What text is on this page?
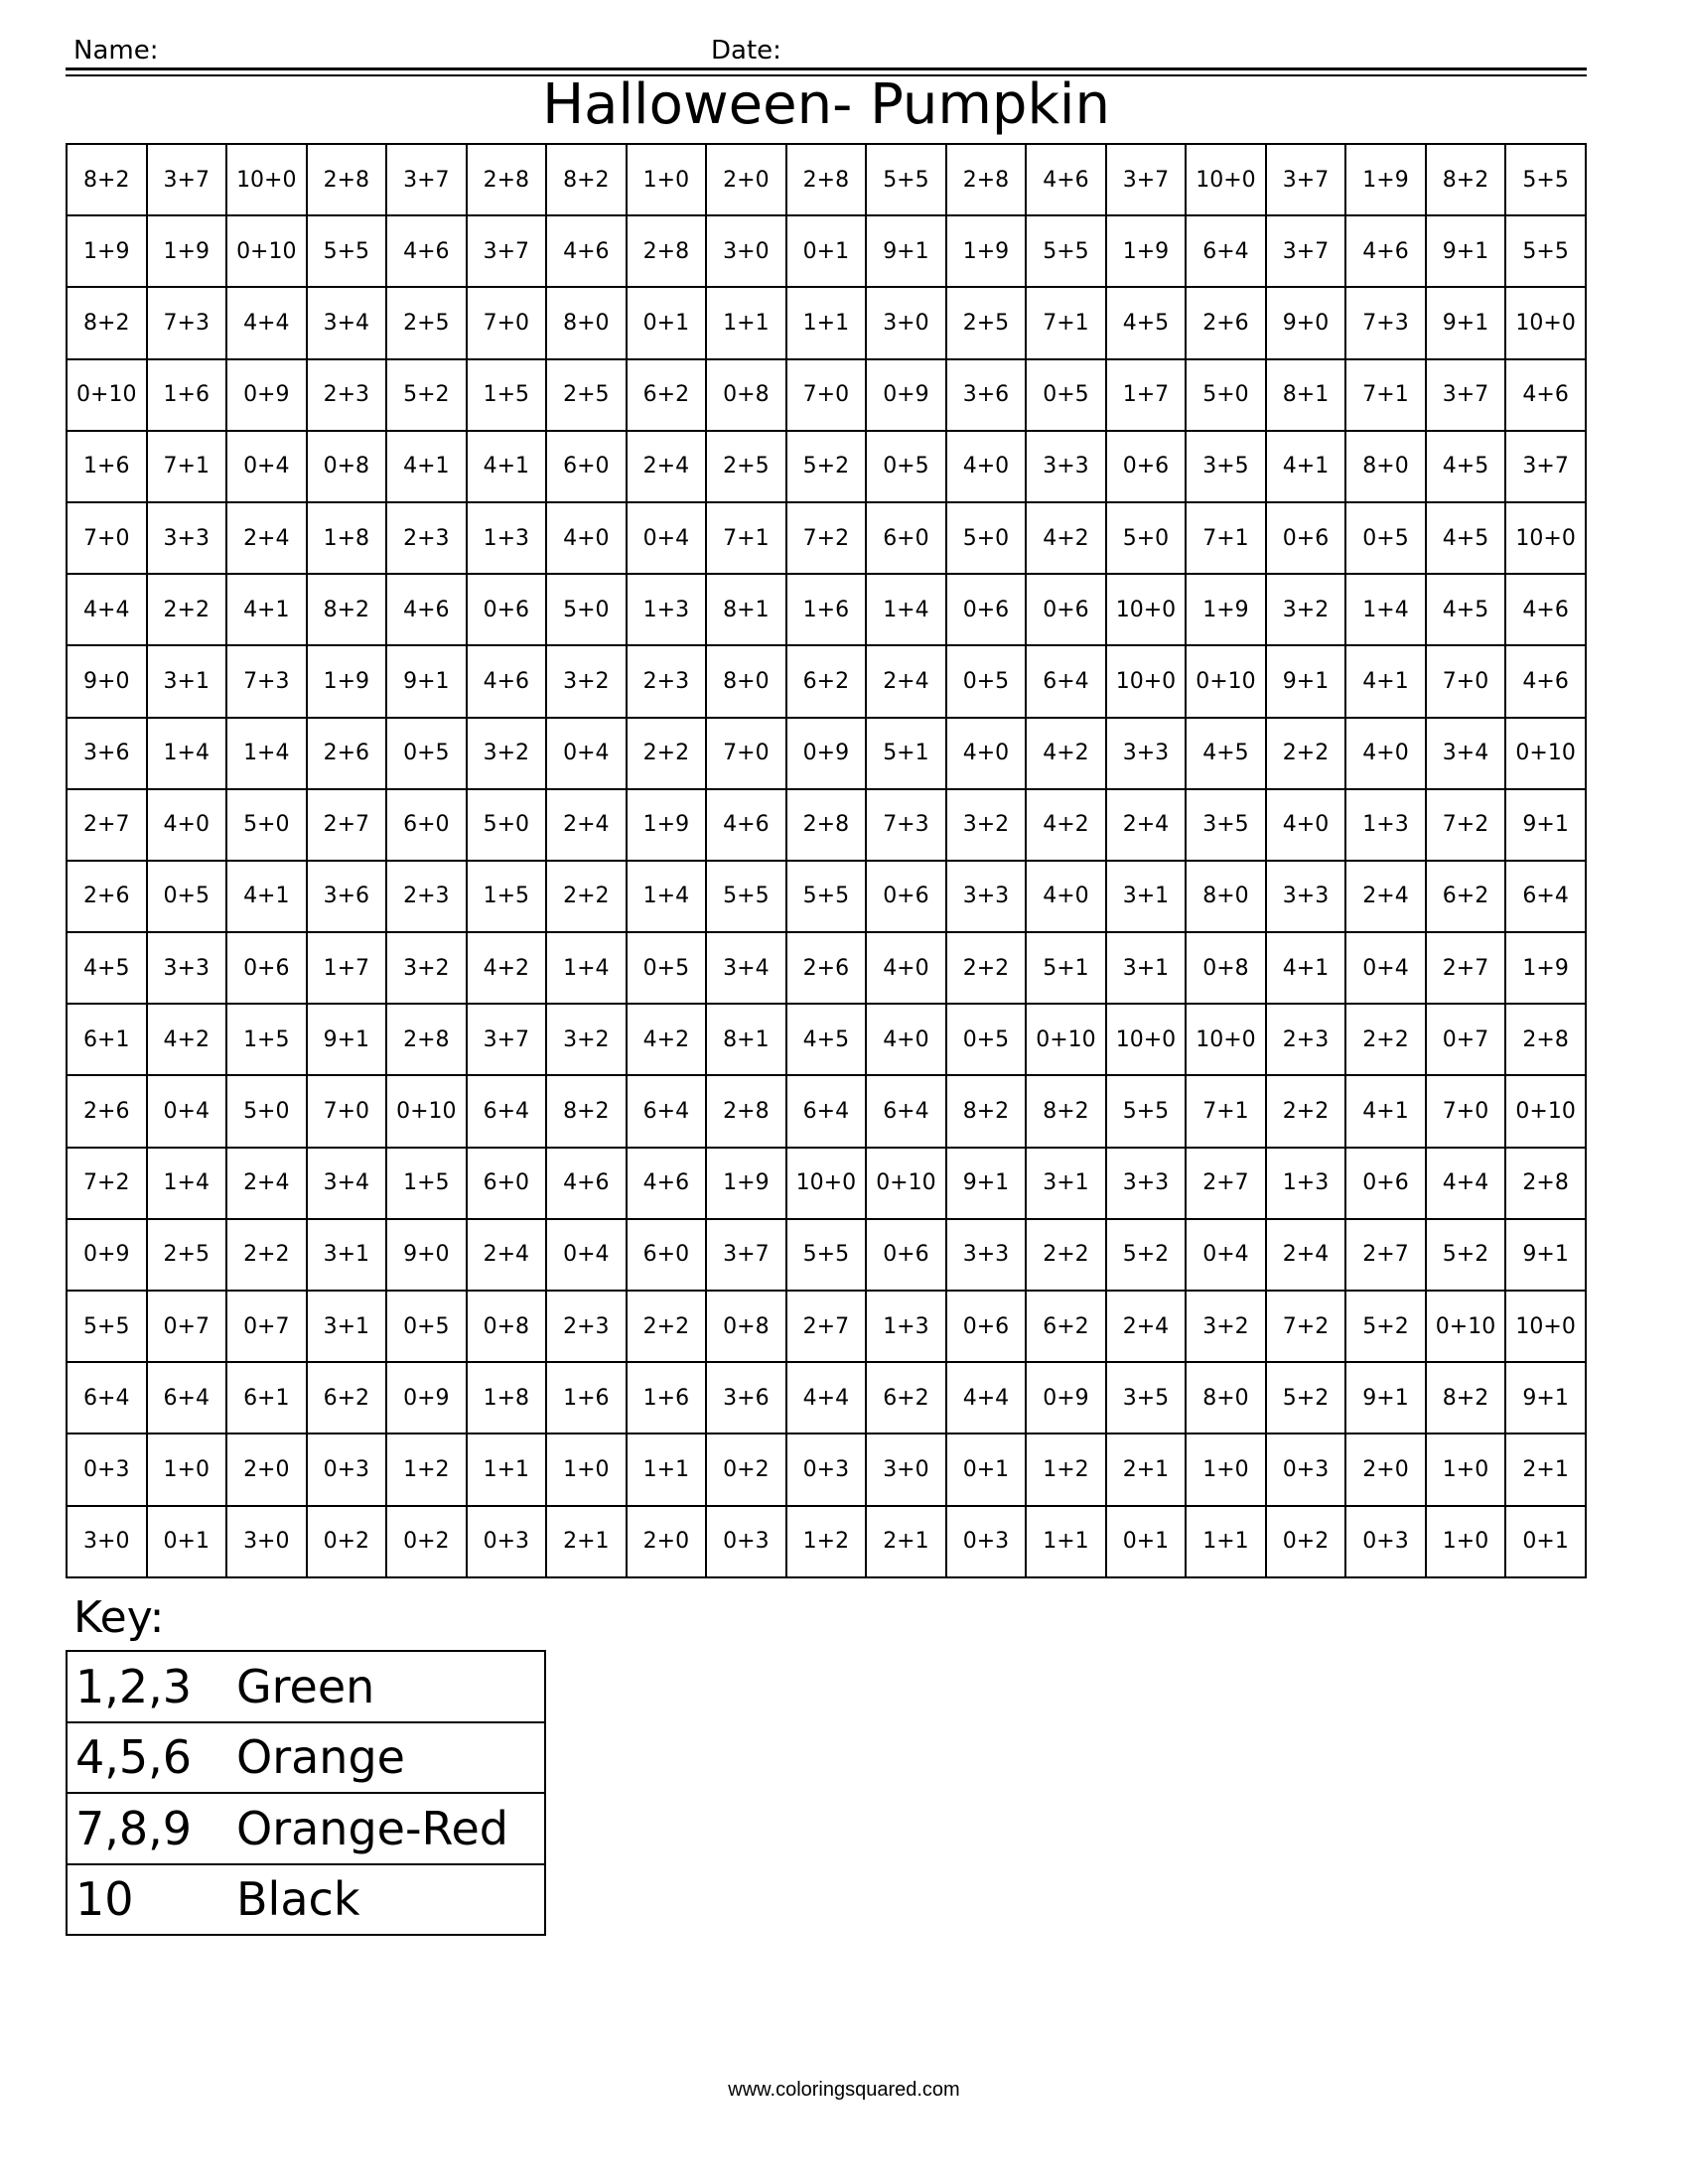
Name:	Date:
Halloween- Pumpkin
8+2	3+7	10+0	2+8	3+7	2+8	8+2	1+0	2+0	2+8	5+5	2+8	4+6	3+7	10+0	3+7	1+9	8+2	5+5
1+9	1+9	0+10	5+5	4+6	3+7	4+6	2+8	3+0	0+1	9+1	1+9	5+5	1+9	6+4	3+7	4+6	9+1	5+5
8+2	7+3	4+4	3+4	2+5	7+0	8+0	0+1	1+1	1+1	3+0	2+5	7+1	4+5	2+6	9+0	7+3	9+1	10+0
0+10	1+6	0+9	2+3	5+2	1+5	2+5	6+2	0+8	7+0	0+9	3+6	0+5	1+7	5+0	8+1	7+1	3+7	4+6
1+6	7+1	0+4	0+8	4+1	4+1	6+0	2+4	2+5	5+2	0+5	4+0	3+3	0+6	3+5	4+1	8+0	4+5	3+7
7+0	3+3	2+4	1+8	2+3	1+3	4+0	0+4	7+1	7+2	6+0	5+0	4+2	5+0	7+1	0+6	0+5	4+5	10+0
4+4	2+2	4+1	8+2	4+6	0+6	5+0	1+3	8+1	1+6	1+4	0+6	0+6	10+0	1+9	3+2	1+4	4+5	4+6
9+0	3+1	7+3	1+9	9+1	4+6	3+2	2+3	8+0	6+2	2+4	0+5	6+4	10+0	0+10	9+1	4+1	7+0	4+6
3+6	1+4	1+4	2+6	0+5	3+2	0+4	2+2	7+0	0+9	5+1	4+0	4+2	3+3	4+5	2+2	4+0	3+4	0+10
2+7	4+0	5+0	2+7	6+0	5+0	2+4	1+9	4+6	2+8	7+3	3+2	4+2	2+4	3+5	4+0	1+3	7+2	9+1
2+6	0+5	4+1	3+6	2+3	1+5	2+2	1+4	5+5	5+5	0+6	3+3	4+0	3+1	8+0	3+3	2+4	6+2	6+4
4+5	3+3	0+6	1+7	3+2	4+2	1+4	0+5	3+4	2+6	4+0	2+2	5+1	3+1	0+8	4+1	0+4	2+7	1+9
6+1	4+2	1+5	9+1	2+8	3+7	3+2	4+2	8+1	4+5	4+0	0+5	0+10	10+0	10+0	2+3	2+2	0+7	2+8
2+6	0+4	5+0	7+0	0+10	6+4	8+2	6+4	2+8	6+4	6+4	8+2	8+2	5+5	7+1	2+2	4+1	7+0	0+10
7+2	1+4	2+4	3+4	1+5	6+0	4+6	4+6	1+9	10+0	0+10	9+1	3+1	3+3	2+7	1+3	0+6	4+4	2+8
0+9	2+5	2+2	3+1	9+0	2+4	0+4	6+0	3+7	5+5	0+6	3+3	2+2	5+2	0+4	2+4	2+7	5+2	9+1
5+5	0+7	0+7	3+1	0+5	0+8	2+3	2+2	0+8	2+7	1+3	0+6	6+2	2+4	3+2	7+2	5+2	0+10	10+0
6+4	6+4	6+1	6+2	0+9	1+8	1+6	1+6	3+6	4+4	6+2	4+4	0+9	3+5	8+0	5+2	9+1	8+2	9+1
0+3	1+0	2+0	0+3	1+2	1+1	1+0	1+1	0+2	0+3	3+0	0+1	1+2	2+1	1+0	0+3	2+0	1+0	2+1
3+0	0+1	3+0	0+2	0+2	0+3	2+1	2+0	0+3	1+2	2+1	0+3	1+1	0+1	1+1	0+2	0+3	1+0	0+1
Key:
1,2,3	Green
4,5,6	Orange
7,8,9	Orange-Red
10	Black
www.coloringsquared.com
